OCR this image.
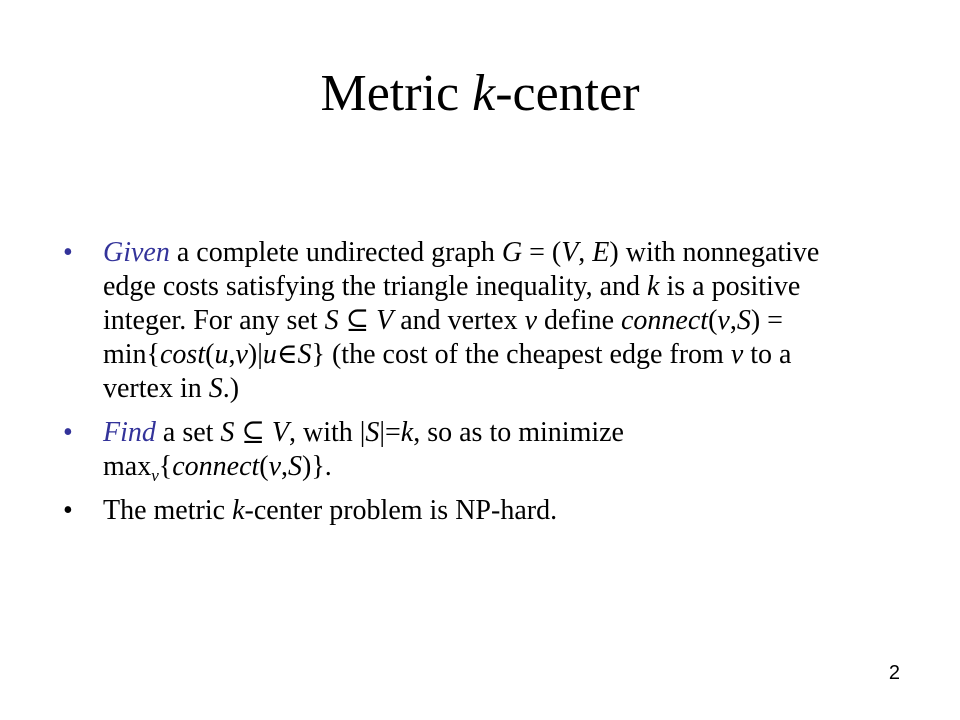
Metric k-center
• Given a complete undirected graph G = (V, E) with nonnegative edge costs satisfying the triangle inequality, and k is a positive integer. For any set S ⊆ V and vertex v define connect(v,S) = min{cost(u,v)|u∈S} (the cost of the cheapest edge from v to a vertex in S.)
• Find a set S ⊆ V, with |S|=k, so as to minimize $\max_v\{connect(v,S)\}$.
• The metric k-center problem is NP-hard.
2
